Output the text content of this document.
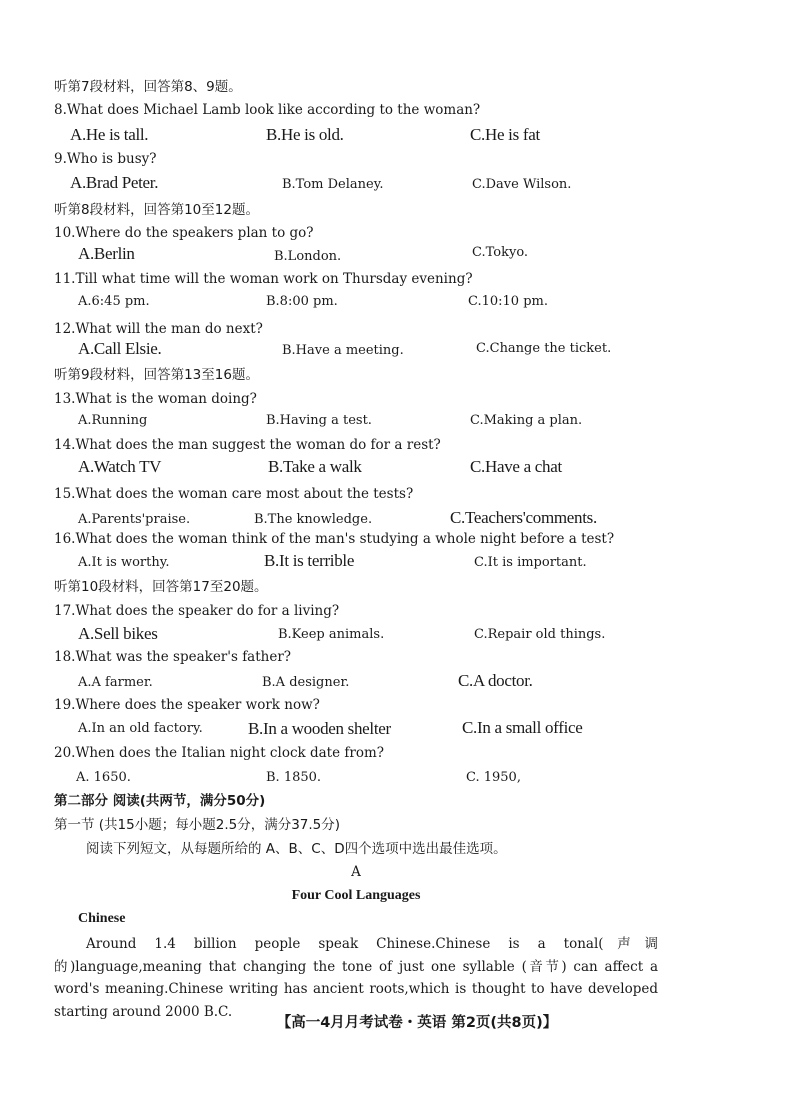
听第7段材料，回答第8、9题。
8.What does Michael Lamb look like according to the woman?
A.He is tall.	B.He is old.	C.He is fat
9.Who is busy?
A.Brad Peter.	B.Tom Delaney.	C.Dave Wilson.
听第8段材料，回答第10至12题。
10.Where do the speakers plan to go?
A.Berlin	B.London.	C.Tokyo.
11.Till what time will the woman work on Thursday evening?
A.6:45 pm.	B.8:00 pm.	C.10:10 pm.
12.What will the man do next?
A.Call Elsie.	B.Have a meeting.	C.Change the ticket.
听第9段材料，回答第13至16题。
13.What is the woman doing?
A.Running	B.Having a test.	C.Making a plan.
14.What does the man suggest the woman do for a rest?
A.Watch TV	B.Take a walk	C.Have a chat
15.What does the woman care most about the tests?
A.Parents'praise.	B.The knowledge.	C.Teachers'comments.
16.What does the woman think of the man's studying a whole night before a test?
A.It is worthy.	B.It is terrible	C.It is important.
听第10段材料，回答第17至20题。
17.What does the speaker do for a living?
A.Sell bikes	B.Keep animals.	C.Repair old things.
18.What was the speaker's father?
A.A farmer.	B.A designer.	C.A doctor.
19.Where does the speaker work now?
A.In an old factory.	B.In a wooden shelter	C.In a small office
20.When does the Italian night clock date from?
A. 1650.	B. 1850.	C. 1950,
第二部分 阅读(共两节，满分50分)
第一节 (共15小题；每小题2.5分，满分37.5分)
阅读下列短文，从每题所给的 A、B、C、D四个选项中选出最佳选项。
A
Four Cool Languages
Chinese
Around 1.4 billion people speak Chinese.Chinese is a tonal(声调的)language,meaning that changing the tone of just one syllable (音节) can affect a word's meaning.Chinese writing has ancient roots,which is thought to have developed starting around 2000 B.C.
【高一4月月考试卷・英语 第2页(共8页)】
